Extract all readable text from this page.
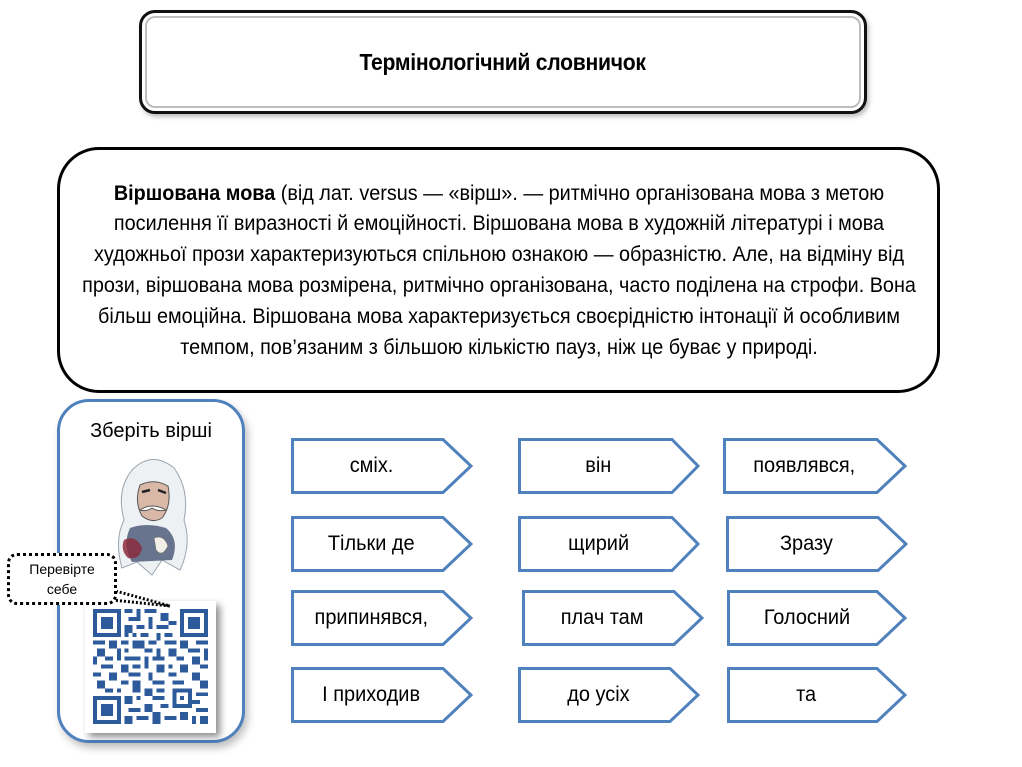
Термінологічний словничок
Віршована мова (від лат. versus — «вірш». — ритмічно організована мова з метою посилення її виразності й емоційності. Віршована мова в художній літературі і мова художньої прози характеризуються спільною ознакою — образністю. Але, на відміну від прози, віршована мова розмірена, ритмічно організована, часто поділена на строфи. Вона більш емоційна. Віршована мова характеризується своєрідністю інтонації й особливим темпом, пов’язаним з більшою кількістю пауз, ніж це буває у природі.
Зберіть вірші
Перевірте себе
сміх.	він	появлявся,
Тільки де	щирий	Зразу
припинявся,	плач там	Голосний
І приходив	до усіх	та
